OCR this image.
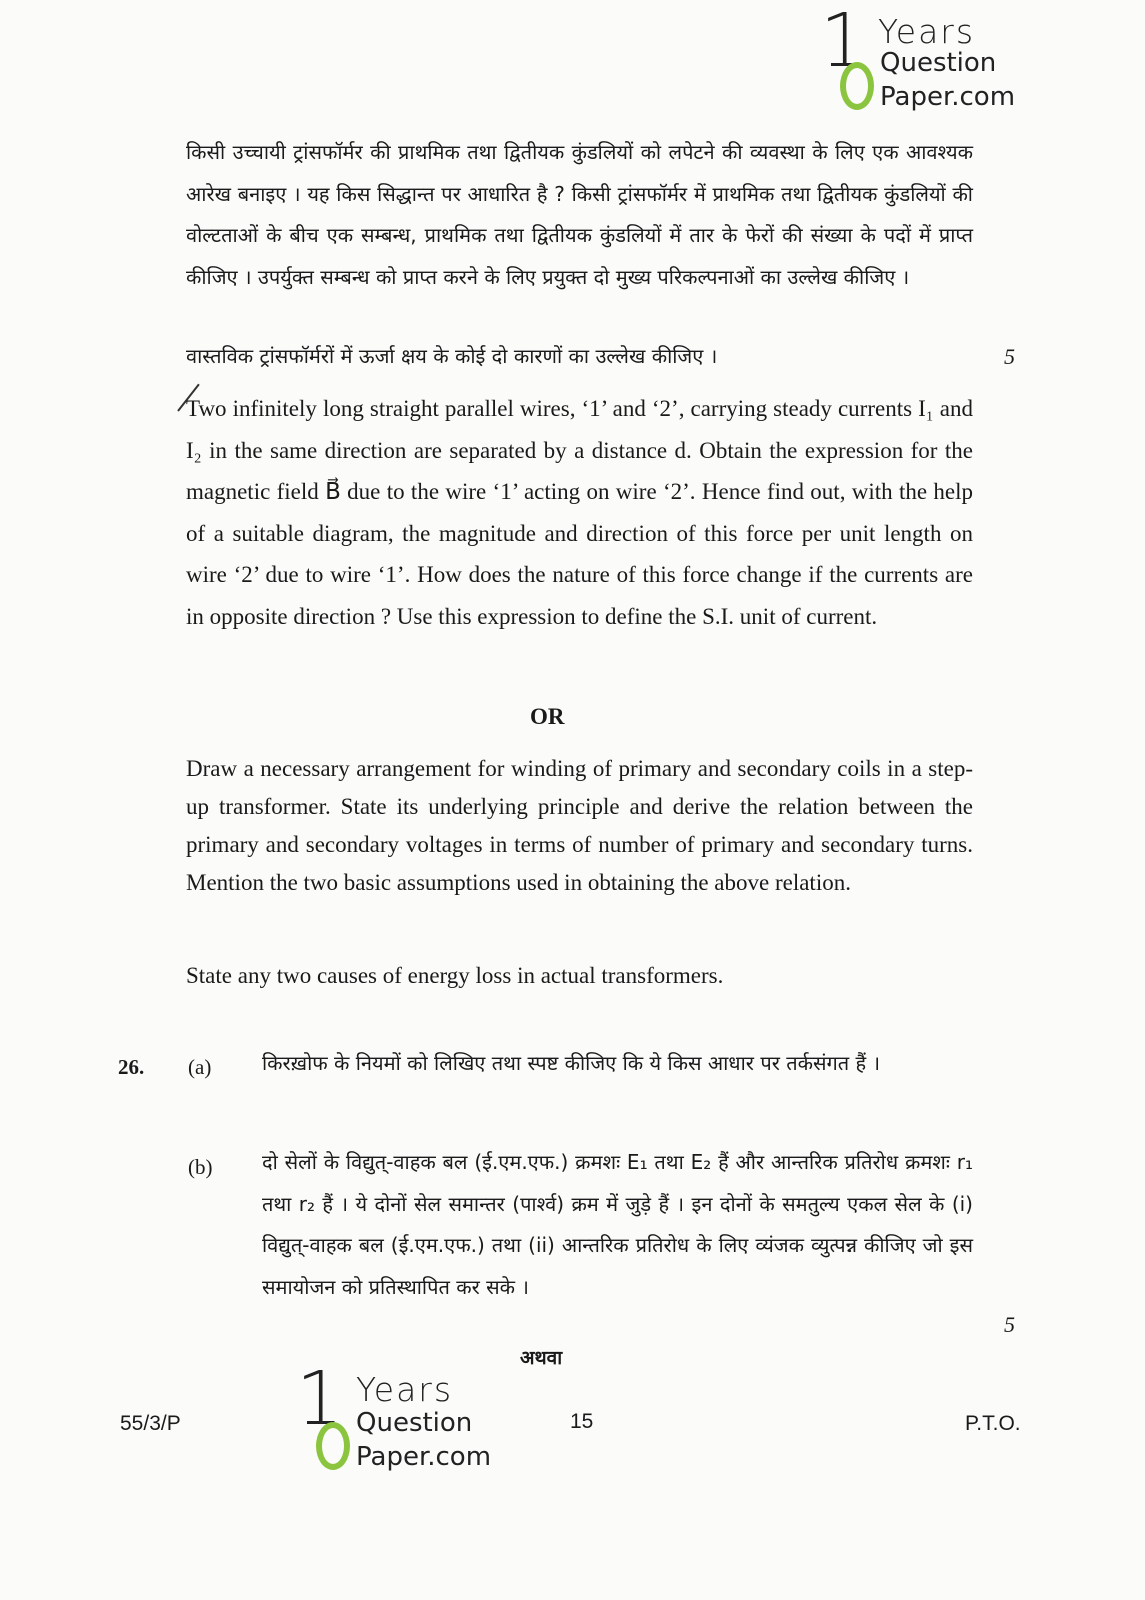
1 Years
Question
Paper.com

किसी उच्चायी ट्रांसफॉर्मर की प्राथमिक तथा द्वितीयक कुंडलियों को लपेटने की व्यवस्था के लिए एक आवश्यक आरेख बनाइए । यह किस सिद्धान्त पर आधारित है ? किसी ट्रांसफॉर्मर में प्राथमिक तथा द्वितीयक कुंडलियों की वोल्टताओं के बीच एक सम्बन्ध, प्राथमिक तथा द्वितीयक कुंडलियों में तार के फेरों की संख्या के पदों में प्राप्त कीजिए । उपर्युक्त सम्बन्ध को प्राप्त करने के लिए प्रयुक्त दो मुख्य परिकल्पनाओं का उल्लेख कीजिए ।

वास्तविक ट्रांसफॉर्मरों में ऊर्जा क्षय के कोई दो कारणों का उल्लेख कीजिए ।	5

Two infinitely long straight parallel wires, ‘1’ and ‘2’, carrying steady currents I₁ and I₂ in the same direction are separated by a distance d. Obtain the expression for the magnetic field B⃗ due to the wire ‘1’ acting on wire ‘2’. Hence find out, with the help of a suitable diagram, the magnitude and direction of this force per unit length on wire ‘2’ due to wire ‘1’. How does the nature of this force change if the currents are in opposite direction ? Use this expression to define the S.I. unit of current.

OR

Draw a necessary arrangement for winding of primary and secondary coils in a step-up transformer. State its underlying principle and derive the relation between the primary and secondary voltages in terms of number of primary and secondary turns. Mention the two basic assumptions used in obtaining the above relation.

State any two causes of energy loss in actual transformers.

26. (a)	किरख़ोफ के नियमों को लिखिए तथा स्पष्ट कीजिए कि ये किस आधार पर तर्कसंगत हैं ।

(b) दो सेलों के विद्युत्-वाहक बल (ई.एम.एफ.) क्रमशः E₁ तथा E₂ हैं और आन्तरिक प्रतिरोध क्रमशः r₁ तथा r₂ हैं । ये दोनों सेल समान्तर (पार्श्व) क्रम में जुड़े हैं । इन दोनों के समतुल्य एकल सेल के (i) विद्युत्-वाहक बल (ई.एम.एफ.) तथा (ii) आन्तरिक प्रतिरोध के लिए व्यंजक व्युत्पन्न कीजिए जो इस समायोजन को प्रतिस्थापित कर सके ।

5
अथवा
55/3/P	15	P.T.O.
1 Years
Question
Paper.com
